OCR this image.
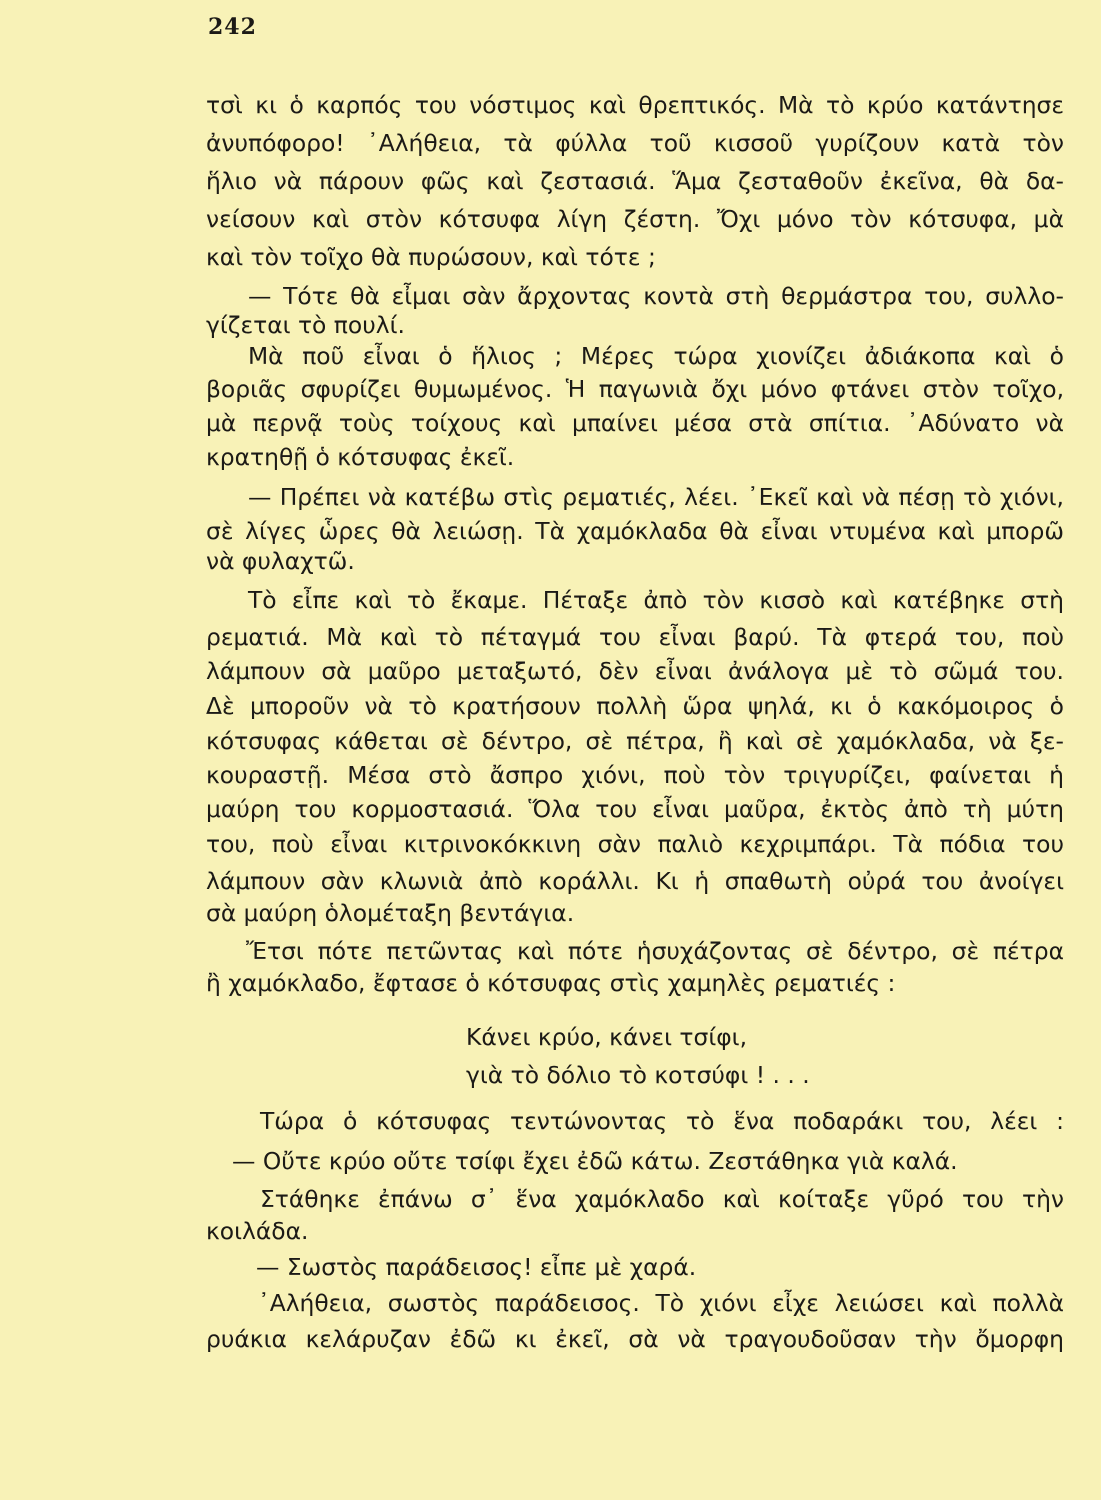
242
τσὶ κι ὁ καρπός του νόστιμος καὶ θρεπτικός. Μὰ τὸ κρύο κατάντησε
ἀνυπόφορο! ᾿Αλήθεια, τὰ φύλλα τοῦ κισσοῦ γυρίζουν κατὰ τὸν
ἥλιο νὰ πάρουν φῶς καὶ ζεστασιά. Ἅμα ζεσταθοῦν ἐκεῖνα, θὰ δα-
νείσουν καὶ στὸν κότσυφα λίγη ζέστη. Ὄχι μόνο τὸν κότσυφα, μὰ
καὶ τὸν τοῖχο θὰ πυρώσουν, καὶ τότε ;
— Τότε θὰ εἶμαι σὰν ἄρχοντας κοντὰ στὴ θερμάστρα του, συλλο-
γίζεται τὸ πουλί.
Μὰ ποῦ εἶναι ὁ ἥλιος ; Μέρες τώρα χιονίζει ἀδιάκοπα καὶ ὁ
βοριᾶς σφυρίζει θυμωμένος. Ἡ παγωνιὰ ὄχι μόνο φτάνει στὸν τοῖχο,
μὰ περνᾷ τοὺς τοίχους καὶ μπαίνει μέσα στὰ σπίτια. ᾿Αδύνατο νὰ
κρατηθῇ ὁ κότσυφας ἐκεῖ.
— Πρέπει νὰ κατέβω στὶς ρεματιές, λέει. ᾿Εκεῖ καὶ νὰ πέσῃ τὸ χιόνι,
σὲ λίγες ὧρες θὰ λειώσῃ. Τὰ χαμόκλαδα θὰ εἶναι ντυμένα καὶ μπορῶ
νὰ φυλαχτῶ.
Τὸ εἶπε καὶ τὸ ἔκαμε. Πέταξε ἀπὸ τὸν κισσὸ καὶ κατέβηκε στὴ
ρεματιά. Μὰ καὶ τὸ πέταγμά του εἶναι βαρύ. Τὰ φτερά του, ποὺ
λάμπουν σὰ μαῦρο μεταξωτό, δὲν εἶναι ἀνάλογα μὲ τὸ σῶμά του.
Δὲ μποροῦν νὰ τὸ κρατήσουν πολλὴ ὥρα ψηλά, κι ὁ κακόμοιρος ὁ
κότσυφας κάθεται σὲ δέντρο, σὲ πέτρα, ἢ καὶ σὲ χαμόκλαδα, νὰ ξε-
κουραστῇ. Μέσα στὸ ἄσπρο χιόνι, ποὺ τὸν τριγυρίζει, φαίνεται ἡ
μαύρη του κορμοστασιά. Ὅλα του εἶναι μαῦρα, ἐκτὸς ἀπὸ τὴ μύτη
του, ποὺ εἶναι κιτρινοκόκκινη σὰν παλιὸ κεχριμπάρι. Τὰ πόδια του
λάμπουν σὰν κλωνιὰ ἀπὸ κοράλλι. Κι ἡ σπαθωτὴ οὐρά του ἀνοίγει
σὰ μαύρη ὁλομέταξη βεντάγια.
Ἔτσι πότε πετῶντας καὶ πότε ἡσυχάζοντας σὲ δέντρο, σὲ πέτρα
ἢ χαμόκλαδο, ἔφτασε ὁ κότσυφας στὶς χαμηλὲς ρεματιές :
Κάνει κρύο, κάνει τσίφι,
γιὰ τὸ δόλιο τὸ κοτσύφι ! . . .
Τώρα ὁ κότσυφας τεντώνοντας τὸ ἕνα ποδαράκι του, λέει :
— Οὔτε κρύο οὔτε τσίφι ἔχει ἐδῶ κάτω. Ζεστάθηκα γιὰ καλά.
Στάθηκε ἐπάνω σ᾿ ἕνα χαμόκλαδο καὶ κοίταξε γῦρό του τὴν
κοιλάδα.
— Σωστὸς παράδεισος! εἶπε μὲ χαρά.
᾿Αλήθεια, σωστὸς παράδεισος. Τὸ χιόνι εἶχε λειώσει καὶ πολλὰ
ρυάκια κελάρυζαν ἐδῶ κι ἐκεῖ, σὰ νὰ τραγουδοῦσαν τὴν ὄμορφη
